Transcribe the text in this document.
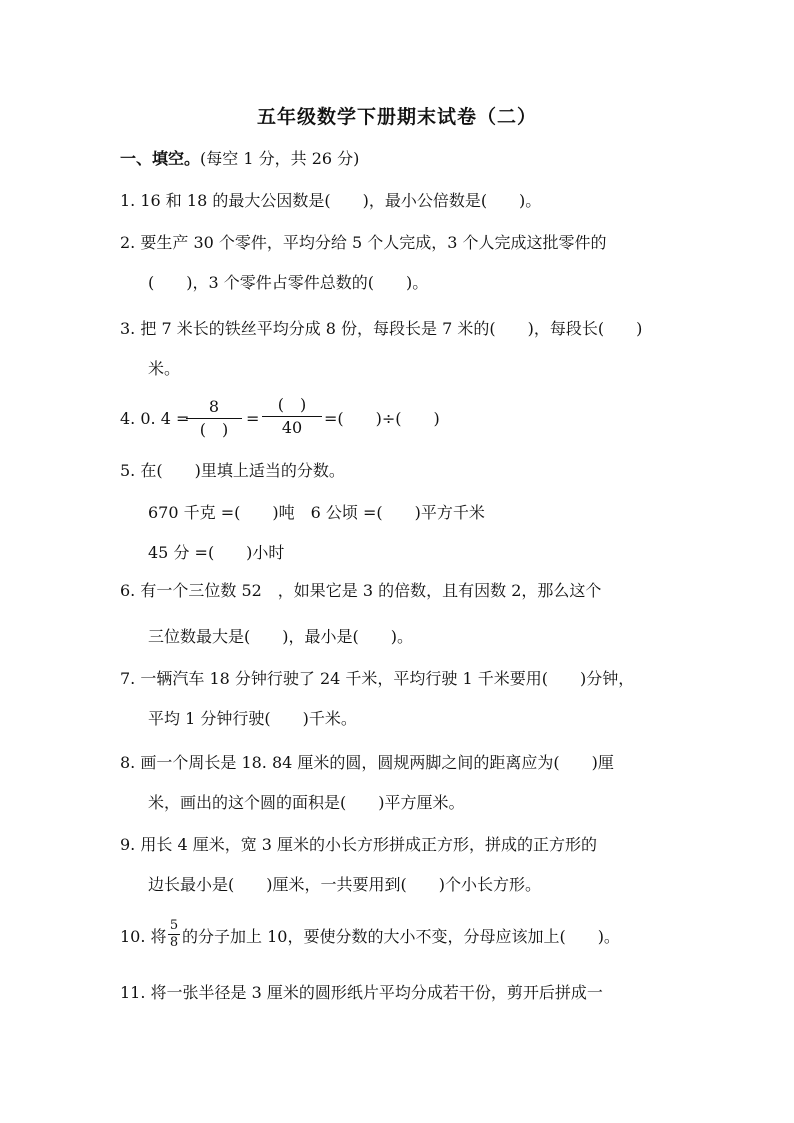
五年级数学下册期末试卷（二）
一、填空。(每空 1 分，共 26 分)
1. 16 和 18 的最大公因数是(　　)，最小公倍数是(　　)。
2. 要生产 30 个零件，平均分给 5 个人完成，3 个人完成这批零件的
(　　)，3 个零件占零件总数的(　　)。
3. 把 7 米长的铁丝平均分成 8 份，每段长是 7 米的(　　)，每段长(　　)
米。
4. 0. 4 =
8
(　)
=
(　)
40	=(　　)÷(　　)
5. 在(　　)里填上适当的分数。
670 千克 =(　　)吨　6 公顷 =(　　)平方千米
45 分 =(　　)小时
6. 有一个三位数 52　，如果它是 3 的倍数，且有因数 2，那么这个
三位数最大是(　　)，最小是(　　)。
7. 一辆汽车 18 分钟行驶了 24 千米，平均行驶 1 千米要用(　　)分钟，
平均 1 分钟行驶(　　)千米。
8. 画一个周长是 18. 84 厘米的圆，圆规两脚之间的距离应为(　　)厘
米，画出的这个圆的面积是(　　)平方厘米。
9. 用长 4 厘米，宽 3 厘米的小长方形拼成正方形，拼成的正方形的
边长最小是(　　)厘米，一共要用到(　　)个小长方形。
10. 将
5
8 的分子加上 10，要使分数的大小不变，分母应该加上(　　)。
11. 将一张半径是 3 厘米的圆形纸片平均分成若干份，剪开后拼成一
